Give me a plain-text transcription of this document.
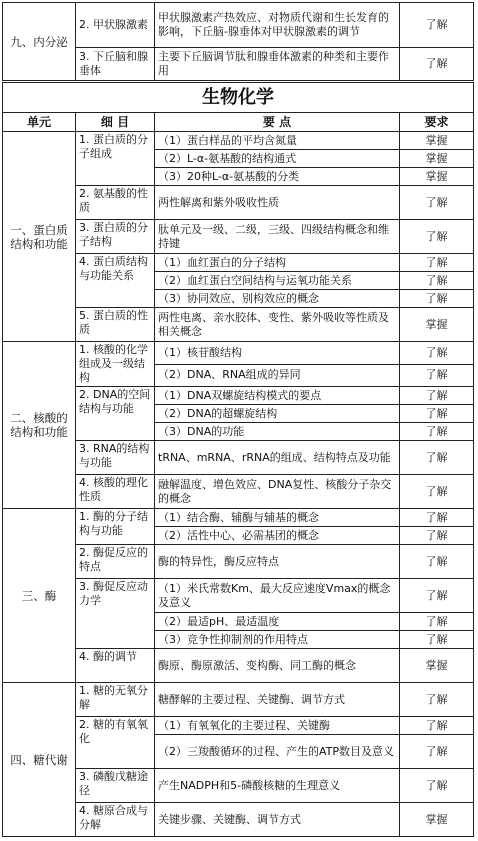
九、内分泌	2. 甲状腺激素	甲状腺激素产热效应、对物质代谢和生长发育的影响，下丘脑-腺垂体对甲状腺激素的调节	了解
	3. 下丘脑和腺垂体	主要下丘脑调节肽和腺垂体激素的种类和主要作用	了解
生物化学			
单元	细 目	要 点	要求
一、蛋白质结构和功能	1. 蛋白质的分子组成	（1）蛋白样品的平均含氮量	掌握
		（2）L-α-氨基酸的结构通式	掌握
		（3）20种L-α-氨基酸的分类	掌握
	2. 氨基酸的性质	两性解离和紫外吸收性质	了解
	3. 蛋白质的分子结构	肽单元及一级、二级，三级、四级结构概念和维持键	了解
	4. 蛋白质结构与功能关系	（1）血红蛋白的分子结构	了解
		（2）血红蛋白空间结构与运氧功能关系	了解
		（3）协同效应、别构效应的概念	了解
	5. 蛋白质的性质	两性电离、亲水胶体、变性、紫外吸收等性质及相关概念	掌握
二、核酸的结构和功能	1. 核酸的化学组成及一级结构	（1）核苷酸结构	了解
		（2）DNA、RNA组成的异同	了解
	2. DNA的空间结构与功能	（1）DNA双螺旋结构模式的要点	了解
		（2）DNA的超螺旋结构	了解
		（3）DNA的功能	了解
	3. RNA的结构与功能	tRNA、mRNA、rRNA的组成、结构特点及功能	了解
	4. 核酸的理化性质	融解温度、增色效应、DNA复性、核酸分子杂交的概念	了解
三、酶	1. 酶的分子结构与功能	（1）结合酶、辅酶与辅基的概念	了解
		（2）活性中心、必需基团的概念	了解
	2. 酶促反应的特点	酶的特异性，酶反应特点	了解
	3. 酶促反应动力学	（1）米氏常数Km、最大反应速度Vmax的概念及意义	了解
		（2）最适pH、最适温度	了解
		（3）竞争性抑制剂的作用特点	了解
	4. 酶的调节	酶原、酶原激活、变构酶、同工酶的概念	掌握
四、糖代谢	1. 糖的无氧分解	糖酵解的主要过程、关键酶、调节方式	了解
	2. 糖的有氧氧化	（1）有氧氧化的主要过程、关键酶	了解
		（2）三羧酸循环的过程、产生的ATP数目及意义	了解
	3. 磷酸戊糖途径	产生NADPH和5-磷酸核糖的生理意义	了解
	4. 糖原合成与分解	关键步骤、关键酶、调节方式	掌握
